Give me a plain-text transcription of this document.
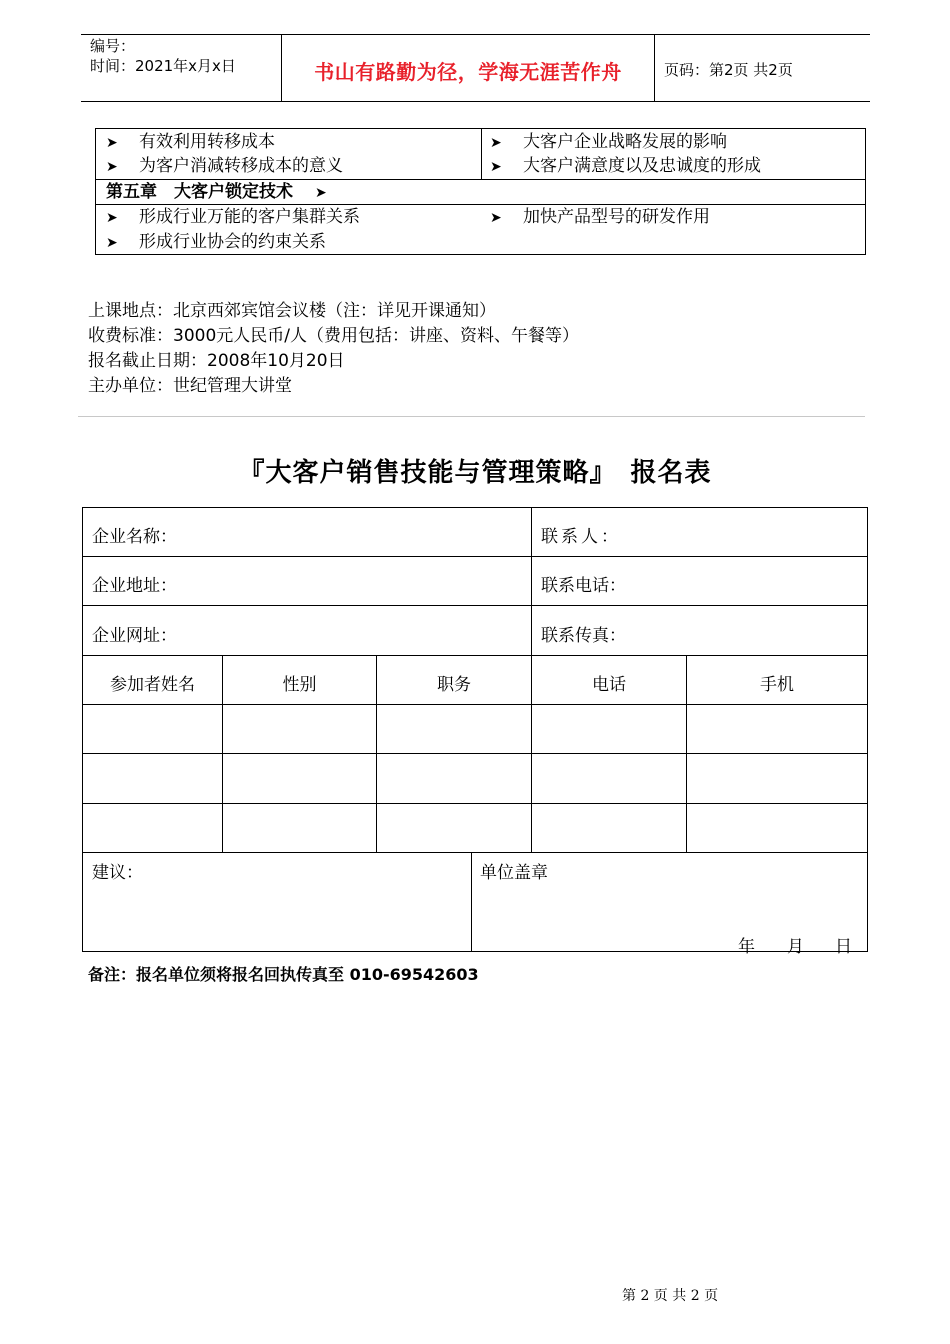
编号：
时间：2021年x月x日	书山有路勤为径，学海无涯苦作舟	页码：第2页 共2页
➤ 有效利用转移成本
➤ 为客户消减转移成本的意义
➤ 大客户企业战略发展的影响
➤ 大客户满意度以及忠诚度的形成
第五章　大客户锁定技术 ➤
➤ 形成行业万能的客户集群关系
➤ 形成行业协会的约束关系
➤ 加快产品型号的研发作用
上课地点：北京西郊宾馆会议楼（注：详见开课通知）
收费标准：3000元人民币/人（费用包括：讲座、资料、午餐等）
报名截止日期：2008年10月20日
主办单位：世纪管理大讲堂
『大客户销售技能与管理策略』　报名表
企业名称：	联系人：
企业地址：	联系电话：
企业网址：	联系传真：
参加者姓名	性别	职务	电话	手机
建议：	单位盖章
年 月 日
备注：报名单位须将报名回执传真至 010-69542603
第 2 页 共 2 页
